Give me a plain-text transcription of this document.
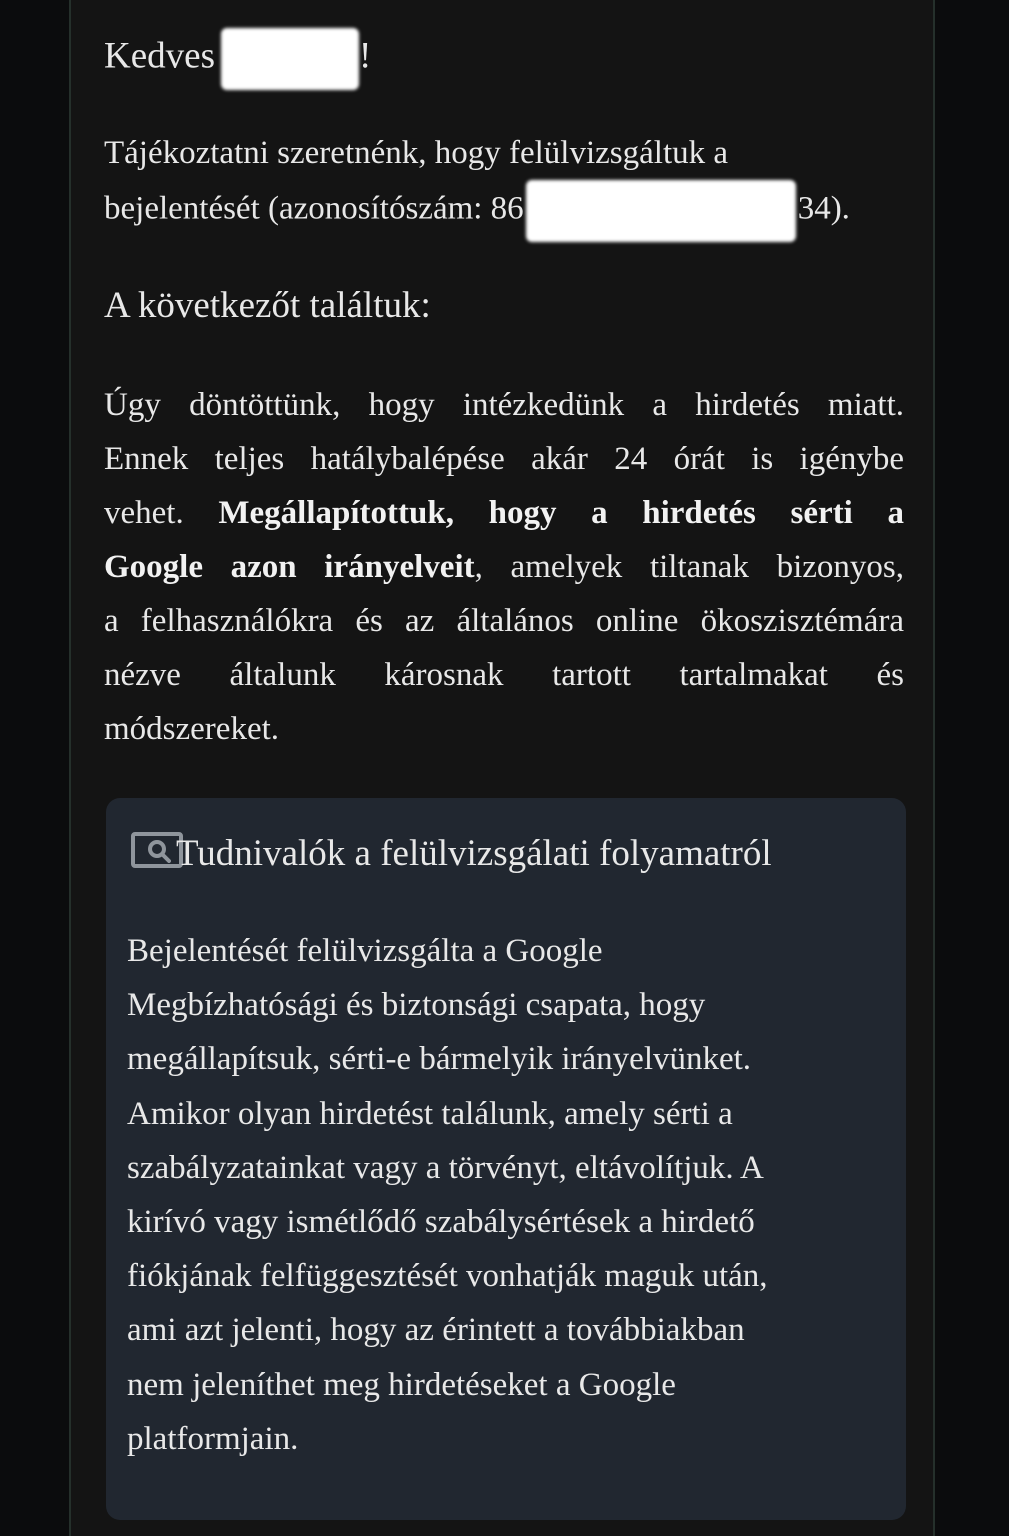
Kedves	!
Tájékoztatni szeretnénk, hogy felülvizsgáltuk a
bejelentését (azonosítószám: 86	34).
A következőt találtuk:
Úgy döntöttünk, hogy intézkedünk a hirdetés miatt.
Ennek teljes hatálybalépése akár 24 órát is igénybe
vehet. Megállapítottuk, hogy a hirdetés sérti a
Google azon irányelveit, amelyek tiltanak bizonyos,
a felhasználókra és az általános online ökoszisztémára
nézve általunk károsnak tartott tartalmakat és
módszereket.
Tudnivalók a felülvizsgálati folyamatról
Bejelentését felülvizsgálta a Google
Megbízhatósági és biztonsági csapata, hogy
megállapítsuk, sérti-e bármelyik irányelvünket.
Amikor olyan hirdetést találunk, amely sérti a
szabályzatainkat vagy a törvényt, eltávolítjuk. A
kirívó vagy ismétlődő szabálysértések a hirdető
fiókjának felfüggesztését vonhatják maguk után,
ami azt jelenti, hogy az érintett a továbbiakban
nem jeleníthet meg hirdetéseket a Google
platformjain.
